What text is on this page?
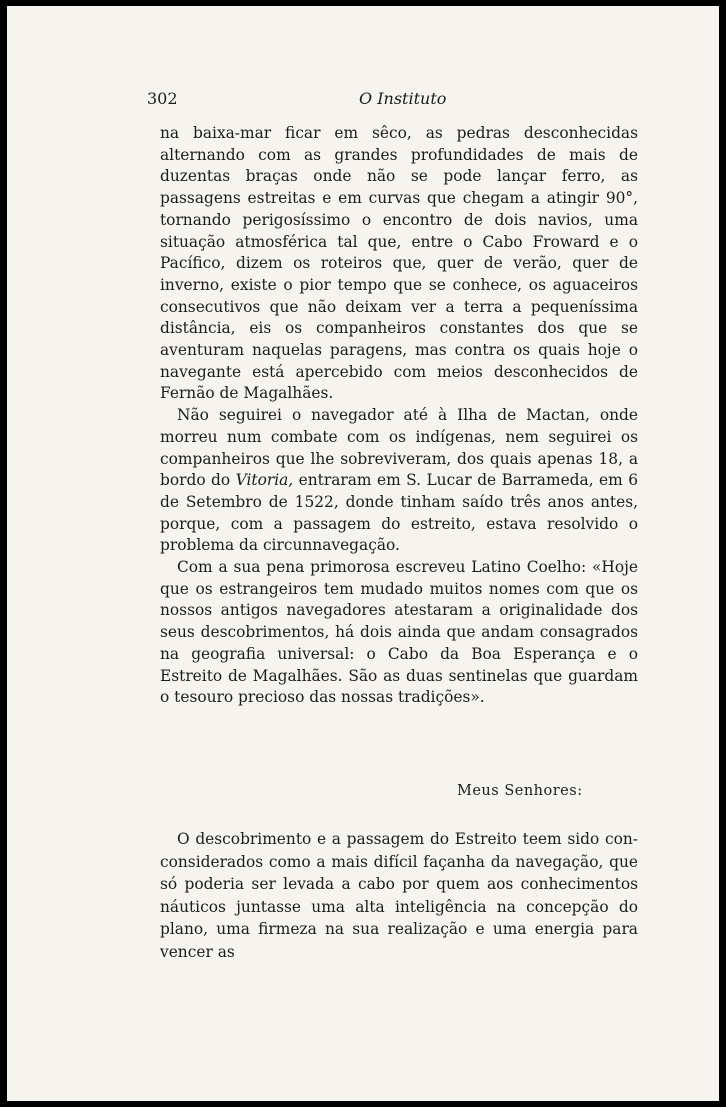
302	O Instituto

na baixa-mar ficar em sêco, as pedras desconhecidas alternando com as grandes profundidades de mais de duzentas braças onde não se pode lançar ferro, as passagens estreitas e em curvas que chegam a atingir 90°, tornando perigosíssimo o encontro de dois navios, uma situação atmosférica tal que, entre o Cabo Froward e o Pacífico, dizem os roteiros que, quer de verão, quer de inverno, existe o pior tempo que se conhece, os aguaceiros consecutivos que não deixam ver a terra a pequeníssima distância, eis os companheiros constantes dos que se aventuram naquelas paragens, mas contra os quais hoje o navegante está apercebido com meios desconhecidos de Fernão de Magalhães.

Não seguirei o navegador até à Ilha de Mactan, onde morreu num combate com os indígenas, nem seguirei os companheiros que lhe sobreviveram, dos quais apenas 18, a bordo do Vitoria, entraram em S. Lucar de Barrameda, em 6 de Setembro de 1522, donde tinham saído três anos antes, porque, com a passagem do estreito, estava resolvido o problema da circunnavegação.

Com a sua pena primorosa escreveu Latino Coelho: «Hoje que os estrangeiros tem mudado muitos nomes com que os nossos antigos navegadores atestaram a originalidade dos seus descobrimentos, há dois ainda que andam consagrados na geografia universal: o Cabo da Boa Esperança e o Estreito de Magalhães. São as duas sentinelas que guardam o tesouro precioso das nossas tradições».

Meus Senhores:

O descobrimento e a passagem do Estreito teem sido con-considerados como a mais difícil façanha da navegação, que só poderia ser levada a cabo por quem aos conhecimentos náuticos juntasse uma alta inteligência na concepção do plano, uma firmeza na sua realização e uma energia para vencer as
